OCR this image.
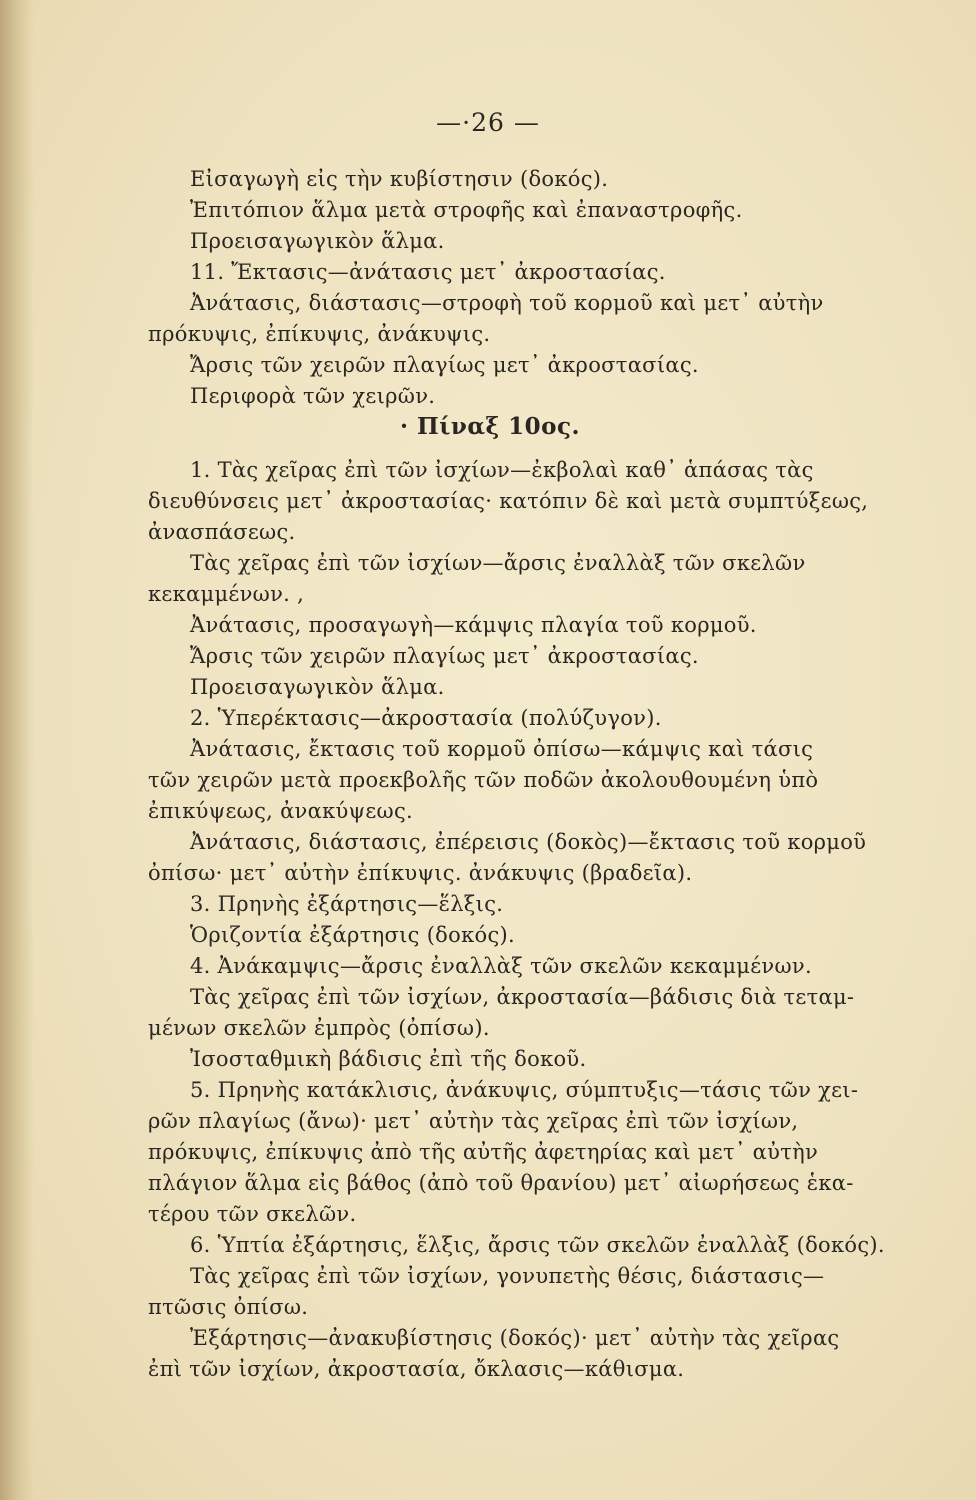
—·26 —
Εἰσαγωγὴ εἰς τὴν κυβίστησιν (δοκός).
Ἐπιτόπιον ἅλμα μετὰ στροφῆς καὶ ἐπαναστροφῆς.
Προεισαγωγικὸν ἅλμα.
11. Ἔκτασις—ἀνάτασις μετ᾿ ἀκροστασίας.
Ἀνάτασις, διάστασις—στροφὴ τοῦ κορμοῦ καὶ μετ᾿ αὐτὴν
πρόκυψις, ἐπίκυψις, ἀνάκυψις.
Ἄρσις τῶν χειρῶν πλαγίως μετ᾿ ἀκροστασίας.
Περιφορὰ τῶν χειρῶν.
· Πίναξ 10ος.
1. Τὰς χεῖρας ἐπὶ τῶν ἰσχίων—ἐκβολαὶ καθ᾿ ἁπάσας τὰς
διευθύνσεις μετ᾿ ἀκροστασίας· κατόπιν δὲ καὶ μετὰ συμπτύξεως,
ἀνασπάσεως.
Τὰς χεῖρας ἐπὶ τῶν ἰσχίων—ἄρσις ἐναλλὰξ τῶν σκελῶν
κεκαμμένων. ,
Ἀνάτασις, προσαγωγὴ—κάμψις πλαγία τοῦ κορμοῦ.
Ἄρσις τῶν χειρῶν πλαγίως μετ᾿ ἀκροστασίας.
Προεισαγωγικὸν ἅλμα.
2. Ὑπερέκτασις—ἀκροστασία (πολύζυγον).
Ἀνάτασις, ἔκτασις τοῦ κορμοῦ ὀπίσω—κάμψις καὶ τάσις
τῶν χειρῶν μετὰ προεκβολῆς τῶν ποδῶν ἀκολουθουμένη ὑπὸ
ἐπικύψεως, ἀνακύψεως.
Ἀνάτασις, διάστασις, ἐπέρεισις (δοκὸς)—ἔκτασις τοῦ κορμοῦ
ὀπίσω· μετ᾿ αὐτὴν ἐπίκυψις. ἀνάκυψις (βραδεῖα).
3. Πρηνὴς ἐξάρτησις—ἕλξις.
Ὁριζοντία ἐξάρτησις (δοκός).
4. Ἀνάκαμψις—ἄρσις ἐναλλὰξ τῶν σκελῶν κεκαμμένων.
Τὰς χεῖρας ἐπὶ τῶν ἰσχίων, ἀκροστασία—βάδισις διὰ τεταμ-
μένων σκελῶν ἐμπρὸς (ὀπίσω).
Ἰσοσταθμικὴ βάδισις ἐπὶ τῆς δοκοῦ.
5. Πρηνὴς κατάκλισις, ἀνάκυψις, σύμπτυξις—τάσις τῶν χει-
ρῶν πλαγίως (ἄνω)· μετ᾿ αὐτὴν τὰς χεῖρας ἐπὶ τῶν ἰσχίων,
πρόκυψις, ἐπίκυψις ἀπὸ τῆς αὐτῆς ἀφετηρίας καὶ μετ᾿ αὐτὴν
πλάγιον ἅλμα εἰς βάθος (ἀπὸ τοῦ θρανίου) μετ᾿ αἰωρήσεως ἑκα-
τέρου τῶν σκελῶν.
6. Ὑπτία ἐξάρτησις, ἕλξις, ἄρσις τῶν σκελῶν ἐναλλὰξ (δοκός).
Τὰς χεῖρας ἐπὶ τῶν ἰσχίων, γονυπετὴς θέσις, διάστασις—
πτῶσις ὀπίσω.
Ἐξάρτησις—ἀνακυβίστησις (δοκός)· μετ᾿ αὐτὴν τὰς χεῖρας
ἐπὶ τῶν ἰσχίων, ἀκροστασία, ὄκλασις—κάθισμα.
